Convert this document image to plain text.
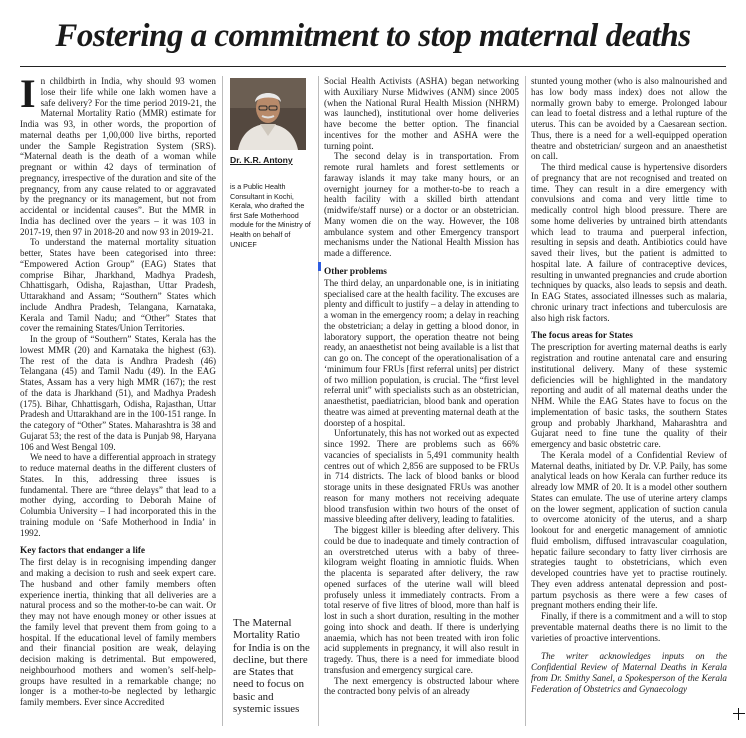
Fostering a commitment to stop maternal deaths
I n childbirth in India, why should 93 women lose their life while one lakh women have a safe delivery? For the time period 2019-21, the Maternal Mortality Ratio (MMR) estimate for India was 93, in other words, the proportion of maternal deaths per 1,00,000 live births, reported under the Sample Registration System (SRS). “Maternal death is the death of a woman while pregnant or within 42 days of termination of pregnancy, irrespective of the duration and site of the pregnancy, from any cause related to or aggravated by the pregnancy or its management, but not from accidental or incidental causes”. But the MMR in India has declined over the years – it was 103 in 2017-19, then 97 in 2018-20 and now 93 in 2019-21.

To understand the maternal mortality situation better, States have been categorised into three: “Empowered Action Group” (EAG) States that comprise Bihar, Jharkhand, Madhya Pradesh, Chhattisgarh, Odisha, Rajasthan, Uttar Pradesh, Uttarakhand and Assam; “Southern” States which include Andhra Pradesh, Telangana, Karnataka, Kerala and Tamil Nadu; and “Other” States that cover the remaining States/Union Territories.

In the group of “Southern” States, Kerala has the lowest MMR (20) and Karnataka the highest (63). The rest of the data is Andhra Pradesh (46) Telangana (45) and Tamil Nadu (49). In the EAG States, Assam has a very high MMR (167); the rest of the data is Jharkhand (51), and Madhya Pradesh (175). Bihar, Chhattisgarh, Odisha, Rajasthan, Uttar Pradesh and Uttarakhand are in the 100-151 range. In the category of “Other” States. Maharashtra is 38 and Gujarat 53; the rest of the data is Punjab 98, Haryana 106 and West Bengal 109.

We need to have a differential approach in strategy to reduce maternal deaths in the different clusters of States. In this, addressing three issues is fundamental. There are “three delays” that lead to a mother dying, according to Deborah Maine of Columbia University – I had incorporated this in the training module on ‘Safe Motherhood in India’ in 1992.

Key factors that endanger a life

The first delay is in recognising impending danger and making a decision to rush and seek expert care. The husband and other family members often experience inertia, thinking that all deliveries are a natural process and so the mother-to-be can wait. Or they may not have enough money or other issues at the family level that prevent them from going to a hospital. If the educational level of family members and their financial position are weak, delaying decision making is detrimental. But empowered, neighbourhood mothers and women’s self-help-groups have resulted in a remarkable change; no longer is a mother-to-be neglected by lethargic family members. Ever since Accredited

Dr. K.R. Antony

is a Public Health Consultant in Kochi, Kerala, who drafted the first Safe Motherhood module for the Ministry of Health on behalf of UNICEF

The Maternal Mortality Ratio for India is on the decline, but there are States that need to focus on basic and systemic issues

Social Health Activists (ASHA) began networking with Auxiliary Nurse Midwives (ANM) since 2005 (when the National Rural Health Mission (NHRM) was launched), institutional over home deliveries have become the better option. The financial incentives for the mother and ASHA were the turning point.

The second delay is in transportation. From remote rural hamlets and forest settlements or faraway islands it may take many hours, or an overnight journey for a mother-to-be to reach a health facility with a skilled birth attendant (midwife/staff nurse) or a doctor or an obstetrician. Many women die on the way. However, the 108 ambulance system and other Emergency transport mechanisms under the National Health Mission has made a difference.

Other problems

The third delay, an unpardonable one, is in initiating specialised care at the health facility. The excuses are plenty and difficult to justify – a delay in attending to a woman in the emergency room; a delay in reaching the obstetrician; a delay in getting a blood donor, in laboratory support, the operation theatre not being ready, an anaesthetist not being available is a list that can go on. The concept of the operationalisation of a ‘minimum four FRUs [first referral units] per district of two million population, is crucial. The “first level referral unit” with specialists such as an obstetrician, anaesthetist, paediatrician, blood bank and operation theatre was aimed at preventing maternal death at the doorstep of a hospital.

Unfortunately, this has not worked out as expected since 1992. There are problems such as 66% vacancies of specialists in 5,491 community health centres out of which 2,856 are supposed to be FRUs in 714 districts. The lack of blood banks or blood storage units in these designated FRUs was another reason for many mothers not receiving adequate blood transfusion within two hours of the onset of massive bleeding after delivery, leading to fatalities.

The biggest killer is bleeding after delivery. This could be due to inadequate and timely contraction of an overstretched uterus with a baby of three-kilogram weight floating in amniotic fluids. When the placenta is separated after delivery, the raw opened surfaces of the uterine wall will bleed profusely unless it immediately contracts. From a total reserve of five litres of blood, more than half is lost in such a short duration, resulting in the mother going into shock and death. If there is underlying anaemia, which has not been treated with iron folic acid supplements in pregnancy, it will also result in tragedy. Thus, there is a need for immediate blood transfusion and emergency surgical care.

The next emergency is obstructed labour where the contracted bony pelvis of an already

stunted young mother (who is also malnourished and has low body mass index) does not allow the normally grown baby to emerge. Prolonged labour can lead to foetal distress and a lethal rupture of the uterus. This can be avoided by a Caesarean section. Thus, there is a need for a well-equipped operation theatre and obstetrician/ surgeon and an anaesthetist on call.

The third medical cause is hypertensive disorders of pregnancy that are not recognised and treated on time. They can result in a dire emergency with convulsions and coma and very little time to medically control high blood pressure. There are some home deliveries by untrained birth attendants which lead to trauma and puerperal infection, resulting in sepsis and death. Antibiotics could have saved their lives, but the patient is admitted to hospital late. A failure of contraceptive devices, resulting in unwanted pregnancies and crude abortion techniques by quacks, also leads to sepsis and death. In EAG States, associated illnesses such as malaria, chronic urinary tract infections and tuberculosis are also high risk factors.

The focus areas for States

The prescription for averting maternal deaths is early registration and routine antenatal care and ensuring institutional delivery. Many of these systemic deficiencies will be highlighted in the mandatory reporting and audit of all maternal deaths under the NHM. While the EAG States have to focus on the implementation of basic tasks, the southern States group and probably Jharkhand, Maharashtra and Gujarat need to fine tune the quality of their emergency and basic obstetric care.

The Kerala model of a Confidential Review of Maternal deaths, initiated by Dr. V.P. Paily, has some analytical leads on how Kerala can further reduce its already low MMR of 20. It is a model other southern States can emulate. The use of uterine artery clamps on the lower segment, application of suction canula to overcome atonicity of the uterus, and a sharp lookout for and energetic management of amniotic fluid embolism, diffused intravascular coagulation, hepatic failure secondary to fatty liver cirrhosis are strategies taught to obstetricians, which even developed countries have yet to practise routinely. They even address antenatal depression and post-partum psychosis as there were a few cases of pregnant mothers ending their life.

Finally, if there is a commitment and a will to stop preventable maternal deaths there is no limit to the varieties of proactive interventions.

The writer acknowledges inputs on the Confidential Review of Maternal Deaths in Kerala from Dr. Smithy Sanel, a Spokesperson of the Kerala Federation of Obstetrics and Gynaecology
